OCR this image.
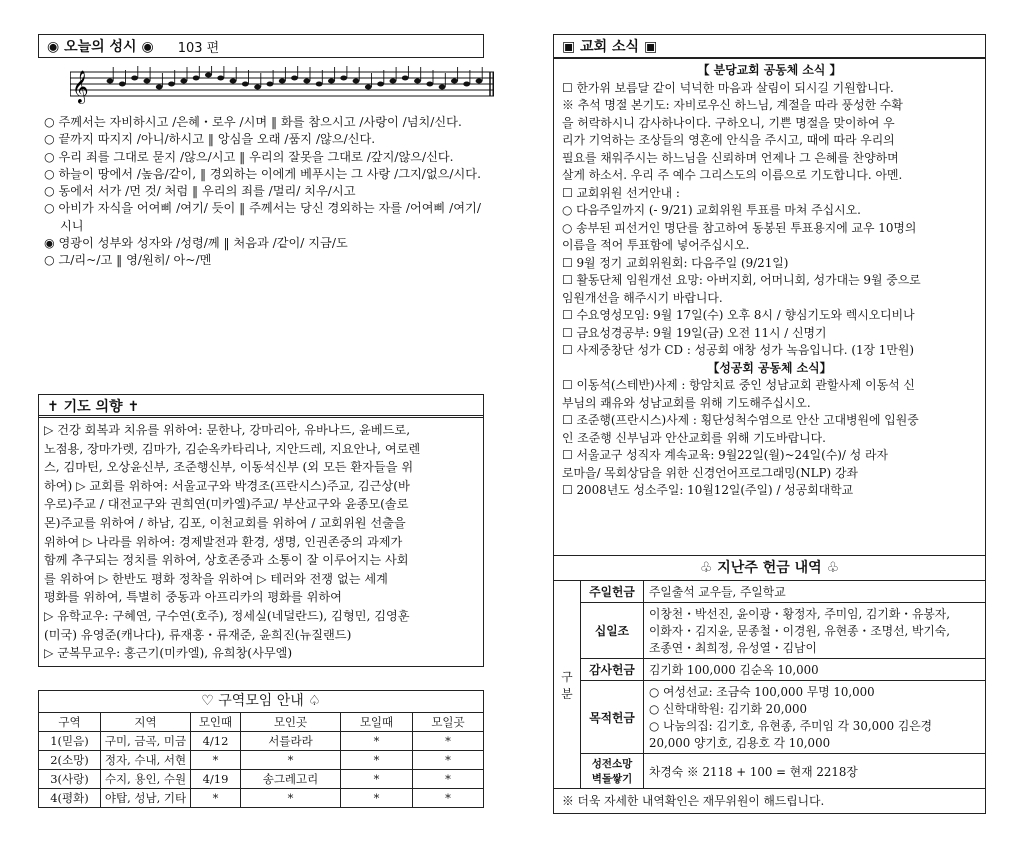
◉ 오늘의 성시 ◉ 103 편
𝄞
○ 주께서는 자비하시고 /은혜・로우 /시며 ‖ 화를 참으시고 /사랑이 /넘치/신다.
○ 끝까지 따지지 /아니/하시고 ‖ 앙심을 오래 /품지 /않으/신다.
○ 우리 죄를 그대로 묻지 /않으/시고 ‖ 우리의 잘못을 그대로 /갚지/않으/신다.
○ 하늘이 땅에서 /높음/같이, ‖ 경외하는 이에게 베푸시는 그 사랑 /그지/없으/시다.
○ 동에서 서가 /먼 것/ 처럼 ‖ 우리의 죄를 /멀리/ 치우/시고
○ 아비가 자식을 어여삐 /여기/ 듯이 ‖ 주께서는 당신 경외하는 자를 /어여삐 /여기/시니
◉ 영광이 성부와 성자와 /성령/께 ‖ 처음과 /같이/ 지금/도
○ 그/리~/고 ‖ 영/원히/ 아~/멘
✝ 기도 의향 ✝
▷ 건강 회복과 치유를 위하여: 문한나, 강마리아, 유바나드, 윤베드로,
노점용, 장마가렛, 김마가, 김순옥카타리나, 지안드레, 지요안나, 여로렌
스, 김마틴, 오상윤신부, 조준행신부, 이동석신부 (외 모든 환자들을 위
하여) ▷ 교회를 위하여: 서울교구와 박경조(프란시스)주교, 김근상(바
우로)주교 / 대전교구와 권희연(미카엘)주교/ 부산교구와 윤종모(솔로
몬)주교를 위하여 / 하남, 김포, 이천교회를 위하여 / 교회위원 선출을
위하여 ▷ 나라를 위하여: 경제발전과 환경, 생명, 인권존중의 과제가
함께 추구되는 정치를 위하여, 상호존중과 소통이 잘 이루어지는 사회
를 위하여 ▷ 한반도 평화 정착을 위하여 ▷ 테러와 전쟁 없는 세계
평화를 위하여, 특별히 중동과 아프리카의 평화를 위하여
▷ 유학교우: 구혜연, 구수연(호주), 정세실(네덜란드), 김형민, 김영훈
(미국) 유영준(캐나다), 류재홍・류재준, 윤희진(뉴질랜드)
▷ 군복무교우: 홍근기(미카엘), 유희창(사무엘)
♡ 구역모임 안내 ♤
구역	지역	모인때	모인곳	모일때	모일곳
1(믿음)	구미, 금곡, 미금	4/12	서를라라	*	*
2(소망)	정자, 수내, 서현	*	*	*	*
3(사랑)	수지, 용인, 수원	4/19	송그레고리	*	*
4(평화)	야탑, 성남, 기타	*	*	*	*
▣ 교회 소식 ▣
【 분당교회 공동체 소식 】
☐ 한가위 보름달 같이 넉넉한 마음과 살림이 되시길 기원합니다.
※ 추석 명절 본기도: 자비로우신 하느님, 계절을 따라 풍성한 수확
을 허락하시니 감사하나이다. 구하오니, 기쁜 명절을 맞이하여 우
리가 기억하는 조상들의 영혼에 안식을 주시고, 때에 따라 우리의
필요를 채워주시는 하느님을 신뢰하며 언제나 그 은혜를 찬양하며
살게 하소서. 우리 주 예수 그리스도의 이름으로 기도합니다. 아멘.
☐ 교회위원 선거안내 :
○ 다음주일까지 (- 9/21) 교회위원 투표를 마쳐 주십시오.
○ 송부된 피선거인 명단를 참고하여 동봉된 투표용지에 교우 10명의
이름을 적어 투표함에 넣어주십시오.
☐ 9월 정기 교회위원회: 다음주일 (9/21일)
☐ 활동단체 임원개선 요망: 아버지회, 어머니회, 성가대는 9월 중으로
임원개선을 해주시기 바랍니다.
☐ 수요영성모임: 9월 17일(수) 오후 8시 / 향심기도와 렉시오디비나
☐ 금요성경공부: 9월 19일(금) 오전 11시 / 신명기
☐ 사제중창단 성가 CD : 성공회 애창 성가 녹음입니다. (1장 1만원)
【성공회 공동체 소식】
☐ 이동석(스테반)사제 : 항암치료 중인 성남교회 관할사제 이동석 신
부님의 쾌유와 성남교회를 위해 기도해주십시오.
☐ 조준행(프란시스)사제 : 횡단성척수염으로 안산 고대병원에 입원중
인 조준행 신부님과 안산교회를 위해 기도바랍니다.
☐ 서울교구 성직자 계속교육: 9월22일(월)~24일(수)/ 성 라자
로마을/ 목회상담을 위한 신경언어프로그래밍(NLP) 강좌
☐ 2008년도 성소주일: 10월12일(주일) / 성공회대학교
♧ 지난주 헌금 내역 ♧
구분	주일헌금	주일출석 교우들, 주일학교

	십일조	이창천・박선진, 윤이광・황정자, 주미임, 김기화・유봉자,
이화자・김지윤, 문종철・이경원, 유현종・조명선, 박기숙,
조종연・최희정, 유성열・김남이

	감사헌금	김기화 100,000 김순옥 10,000

	목적헌금	○ 여성선교: 조금숙 100,000 무명 10,000
○ 신학대학원: 김기화 20,000
○ 나눔의집: 김기호, 유현종, 주미임 각 30,000 김은경
20,000 양기호, 김용호 각 10,000

	성전소망
벽돌쌓기	차경숙 ※ 2118 + 100 = 현재 2218장
※ 더욱 자세한 내역확인은 재무위원이 해드립니다.
